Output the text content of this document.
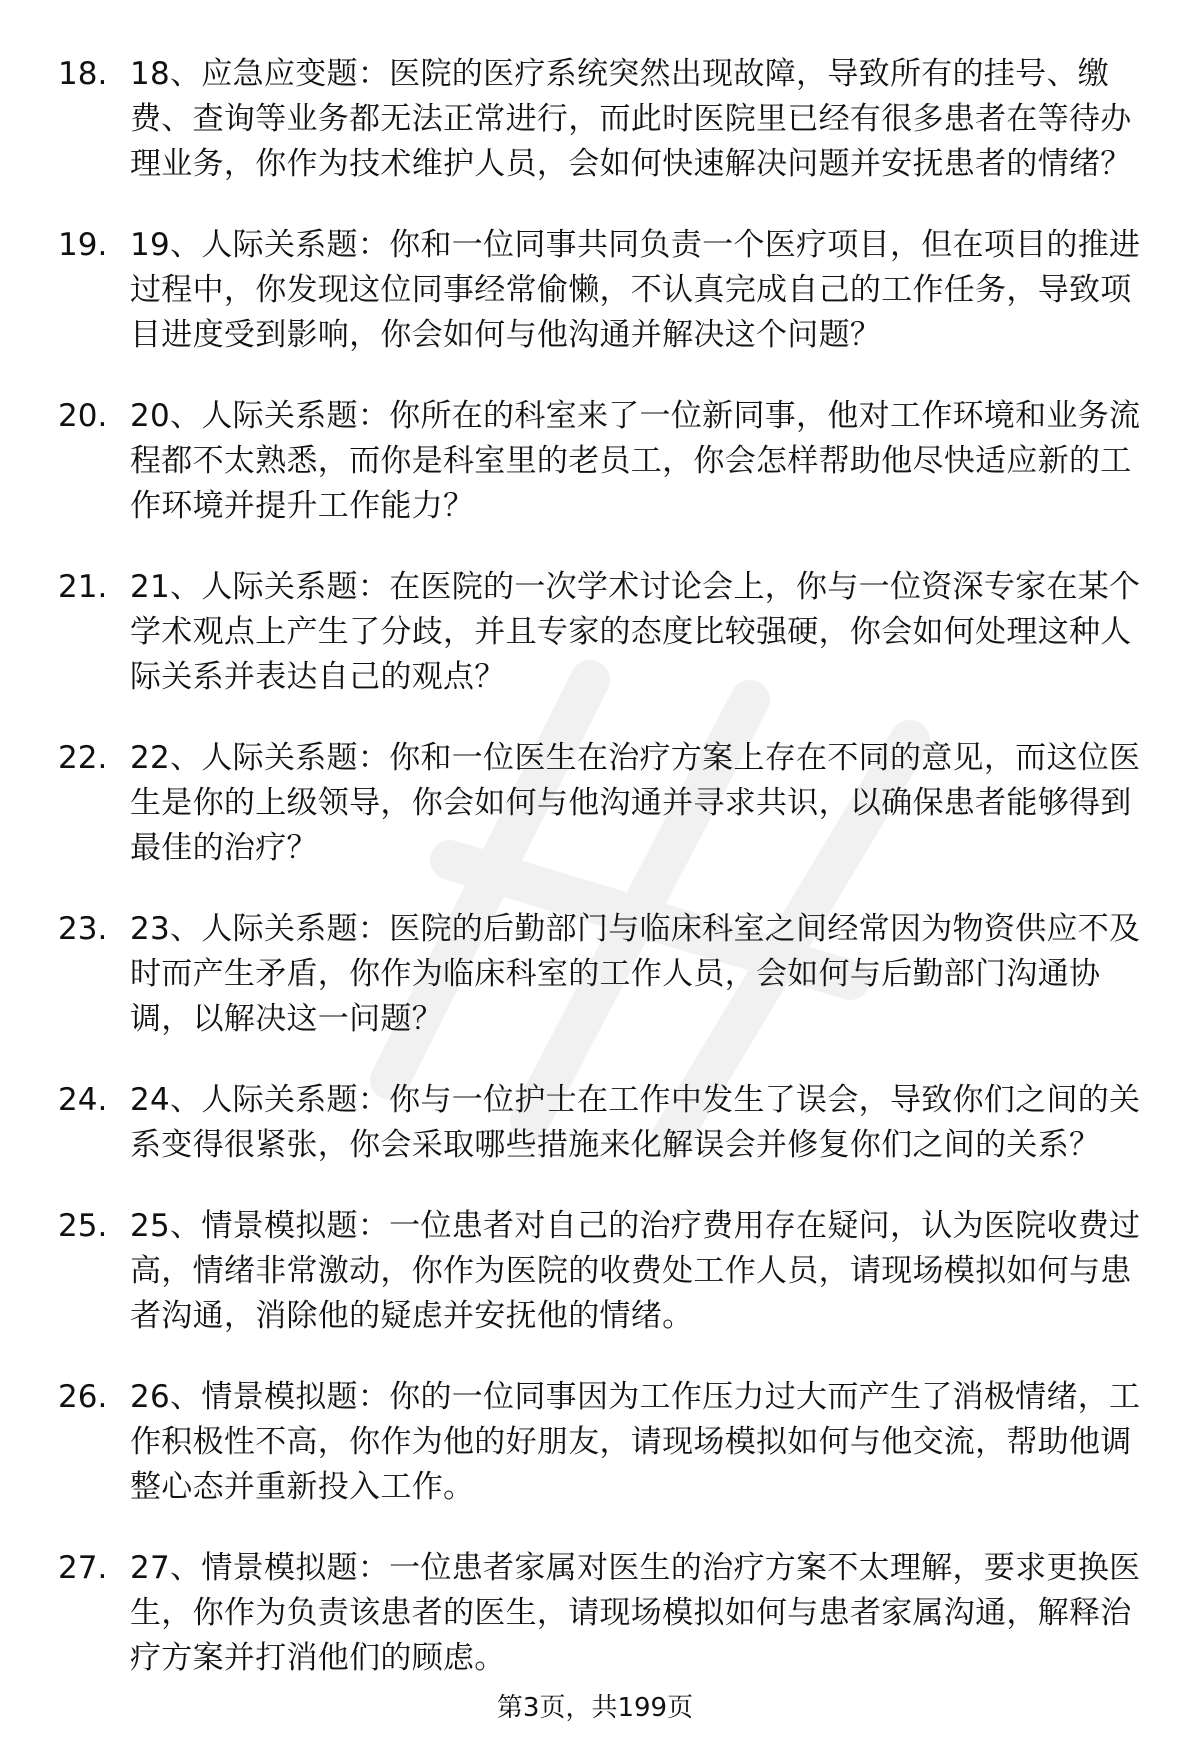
18. 18、应急应变题：医院的医疗系统突然出现故障，导致所有的挂号、缴费、查询等业务都无法正常进行，而此时医院里已经有很多患者在等待办理业务，你作为技术维护人员，会如何快速解决问题并安抚患者的情绪？
19. 19、人际关系题：你和一位同事共同负责一个医疗项目，但在项目的推进过程中，你发现这位同事经常偷懒，不认真完成自己的工作任务，导致项目进度受到影响，你会如何与他沟通并解决这个问题？
20. 20、人际关系题：你所在的科室来了一位新同事，他对工作环境和业务流程都不太熟悉，而你是科室里的老员工，你会怎样帮助他尽快适应新的工作环境并提升工作能力？
21. 21、人际关系题：在医院的一次学术讨论会上，你与一位资深专家在某个学术观点上产生了分歧，并且专家的态度比较强硬，你会如何处理这种人际关系并表达自己的观点？
22. 22、人际关系题：你和一位医生在治疗方案上存在不同的意见，而这位医生是你的上级领导，你会如何与他沟通并寻求共识，以确保患者能够得到最佳的治疗？
23. 23、人际关系题：医院的后勤部门与临床科室之间经常因为物资供应不及时而产生矛盾，你作为临床科室的工作人员，会如何与后勤部门沟通协调，以解决这一问题？
24. 24、人际关系题：你与一位护士在工作中发生了误会，导致你们之间的关系变得很紧张，你会采取哪些措施来化解误会并修复你们之间的关系？
25. 25、情景模拟题：一位患者对自己的治疗费用存在疑问，认为医院收费过高，情绪非常激动，你作为医院的收费处工作人员，请现场模拟如何与患者沟通，消除他的疑虑并安抚他的情绪。
26. 26、情景模拟题：你的一位同事因为工作压力过大而产生了消极情绪，工作积极性不高，你作为他的好朋友，请现场模拟如何与他交流，帮助他调整心态并重新投入工作。
27. 27、情景模拟题：一位患者家属对医生的治疗方案不太理解，要求更换医生，你作为负责该患者的医生，请现场模拟如何与患者家属沟通，解释治疗方案并打消他们的顾虑。
第3页，共199页
